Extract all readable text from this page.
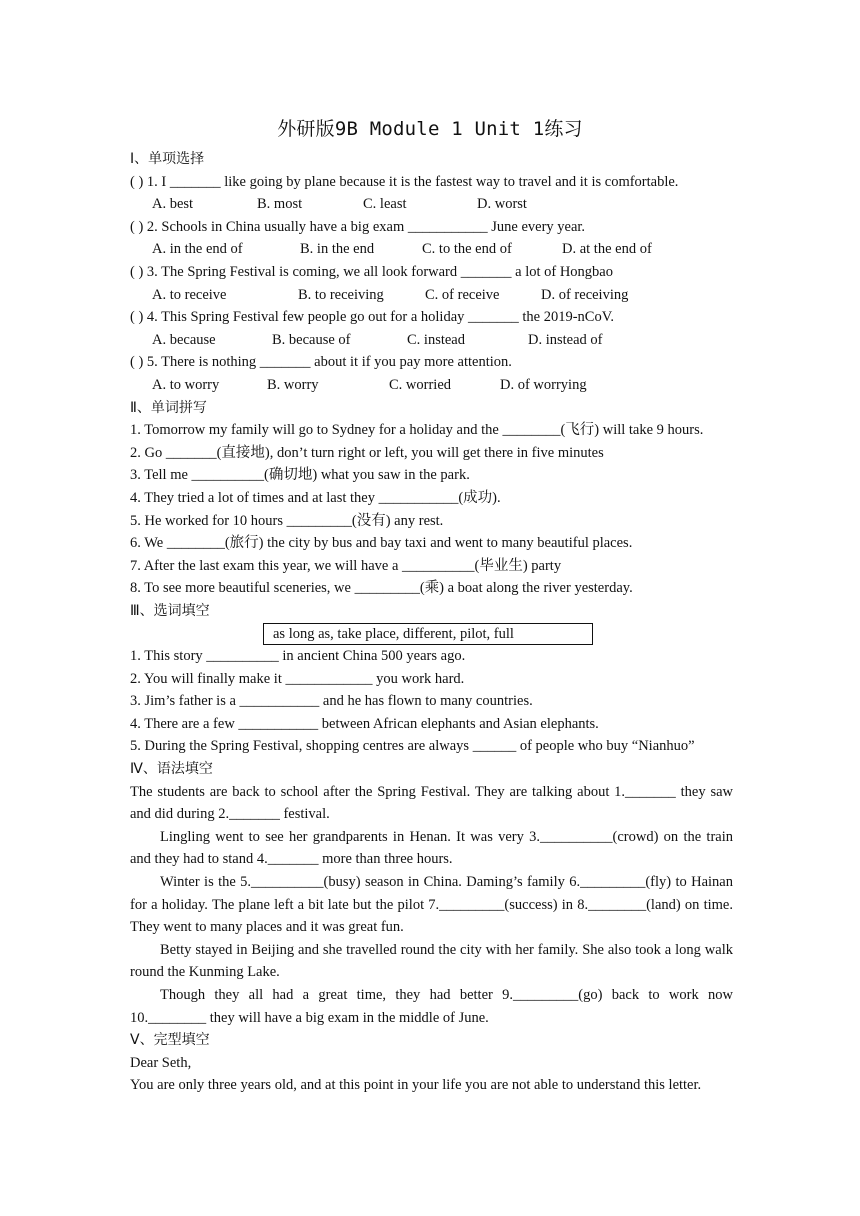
外研版9B Module 1 Unit 1练习
Ⅰ、单项选择
( ) 1. I _______ like going by plane because it is the fastest way to travel and it is comfortable.
A. best	B. most	C. least	D. worst
( ) 2. Schools in China usually have a big exam ___________ June every year.
A. in the end of	B. in the end	C. to the end of	D. at the end of
( ) 3. The Spring Festival is coming, we all look forward _______ a lot of Hongbao
A. to receive	B. to receiving	C. of receive	D. of receiving
( ) 4. This Spring Festival few people go out for a holiday _______ the 2019-nCoV.
A. because	B. because of	C. instead	D. instead of
( ) 5. There is nothing _______ about it if you pay more attention.
A. to worry	B. worry	C. worried	D. of worrying
Ⅱ、单词拼写
1. Tomorrow my family will go to Sydney for a holiday and the ________(飞行) will take 9 hours.
2. Go _______(直接地), don’t turn right or left, you will get there in five minutes
3. Tell me __________(确切地) what you saw in the park.
4. They tried a lot of times and at last they ___________(成功).
5. He worked for 10 hours _________(没有) any rest.
6. We ________(旅行) the city by bus and bay taxi and went to many beautiful places.
7. After the last exam this year, we will have a __________(毕业生) party
8. To see more beautiful sceneries, we _________(乘) a boat along the river yesterday.
Ⅲ、选词填空
as long as, take place, different, pilot, full
1. This story __________ in ancient China 500 years ago.
2. You will finally make it ____________ you work hard.
3. Jim’s father is a ___________ and he has flown to many countries.
4. There are a few ___________ between African elephants and Asian elephants.
5. During the Spring Festival, shopping centres are always ______ of people who buy “Nianhuo”
Ⅳ、语法填空
The students are back to school after the Spring Festival. They are talking about 1._______ they saw and did during 2._______ festival.
Lingling went to see her grandparents in Henan. It was very 3.__________(crowd) on the train and they had to stand 4._______ more than three hours.
Winter is the 5.__________(busy) season in China. Daming’s family 6._________(fly) to Hainan for a holiday. The plane left a bit late but the pilot 7._________(success) in 8.________(land) on time. They went to many places and it was great fun.
Betty stayed in Beijing and she travelled round the city with her family. She also took a long walk round the Kunming Lake.
Though they all had a great time, they had better 9._________(go) back to work now 10.________ they will have a big exam in the middle of June.
Ⅴ、完型填空
Dear Seth,
You are only three years old, and at this point in your life you are not able to understand this letter.
